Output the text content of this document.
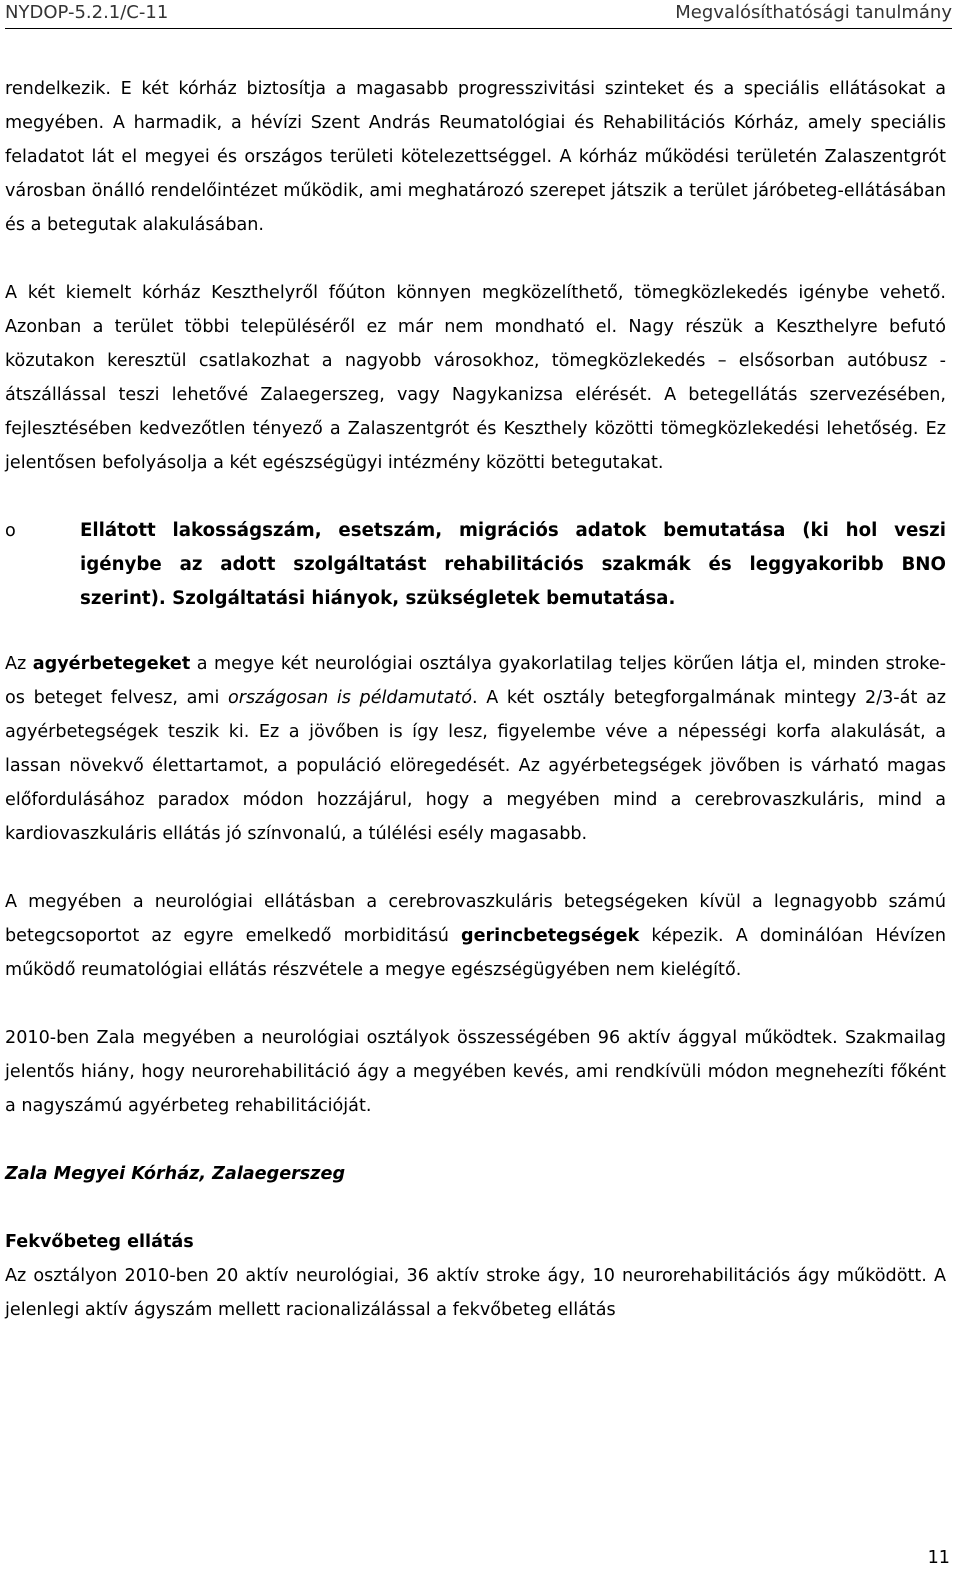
NYDOP-5.2.1/C-11	Megvalósíthatósági tanulmány

rendelkezik. E két kórház biztosítja a magasabb progresszivitási szinteket és a speciális ellátásokat a megyében. A harmadik, a hévízi Szent András Reumatológiai és Rehabilitációs Kórház, amely speciális feladatot lát el megyei és országos területi kötelezettséggel. A kórház működési területén Zalaszentgrót városban önálló rendelőintézet működik, ami meghatározó szerepet játszik a terület járóbeteg-ellátásában és a betegutak alakulásában.

A két kiemelt kórház Keszthelyről főúton könnyen megközelíthető, tömegközlekedés igénybe vehető. Azonban a terület többi településéről ez már nem mondható el. Nagy részük a Keszthelyre befutó közutakon keresztül csatlakozhat a nagyobb városokhoz, tömegközlekedés – elsősorban autóbusz - átszállással teszi lehetővé Zalaegerszeg, vagy Nagykanizsa elérését. A betegellátás szervezésében, fejlesztésében kedvezőtlen tényező a Zalaszentgrót és Keszthely közötti tömegközlekedési lehetőség. Ez jelentősen befolyásolja a két egészségügyi intézmény közötti betegutakat.

o	Ellátott lakosságszám, esetszám, migrációs adatok bemutatása (ki hol veszi igénybe az adott szolgáltatást rehabilitációs szakmák és leggyakoribb BNO szerint). Szolgáltatási hiányok, szükségletek bemutatása.

Az agyérbetegeket a megye két neurológiai osztálya gyakorlatilag teljes körűen látja el, minden stroke-os beteget felvesz, ami országosan is példamutató. A két osztály betegforgalmának mintegy 2/3-át az agyérbetegségek teszik ki. Ez a jövőben is így lesz, figyelembe véve a népességi korfa alakulását, a lassan növekvő élettartamot, a populáció elöregedését. Az agyérbetegségek jövőben is várható magas előfordulásához paradox módon hozzájárul, hogy a megyében mind a cerebrovaszkuláris, mind a kardiovaszkuláris ellátás jó színvonalú, a túlélési esély magasabb.

A megyében a neurológiai ellátásban a cerebrovaszkuláris betegségeken kívül a legnagyobb számú betegcsoportot az egyre emelkedő morbiditású gerincbetegségek képezik. A dominálóan Hévízen működő reumatológiai ellátás részvétele a megye egészségügyében nem kielégítő.

2010-ben Zala megyében a neurológiai osztályok összességében 96 aktív ággyal működtek. Szakmailag jelentős hiány, hogy neurorehabilitáció ágy a megyében kevés, ami rendkívüli módon megnehezíti főként a nagyszámú agyérbeteg rehabilitációját.

Zala Megyei Kórház, Zalaegerszeg

Fekvőbeteg ellátás

Az osztályon 2010-ben 20 aktív neurológiai, 36 aktív stroke ágy, 10 neurorehabilitációs ágy működött. A jelenlegi aktív ágyszám mellett racionalizálással a fekvőbeteg ellátás

11
